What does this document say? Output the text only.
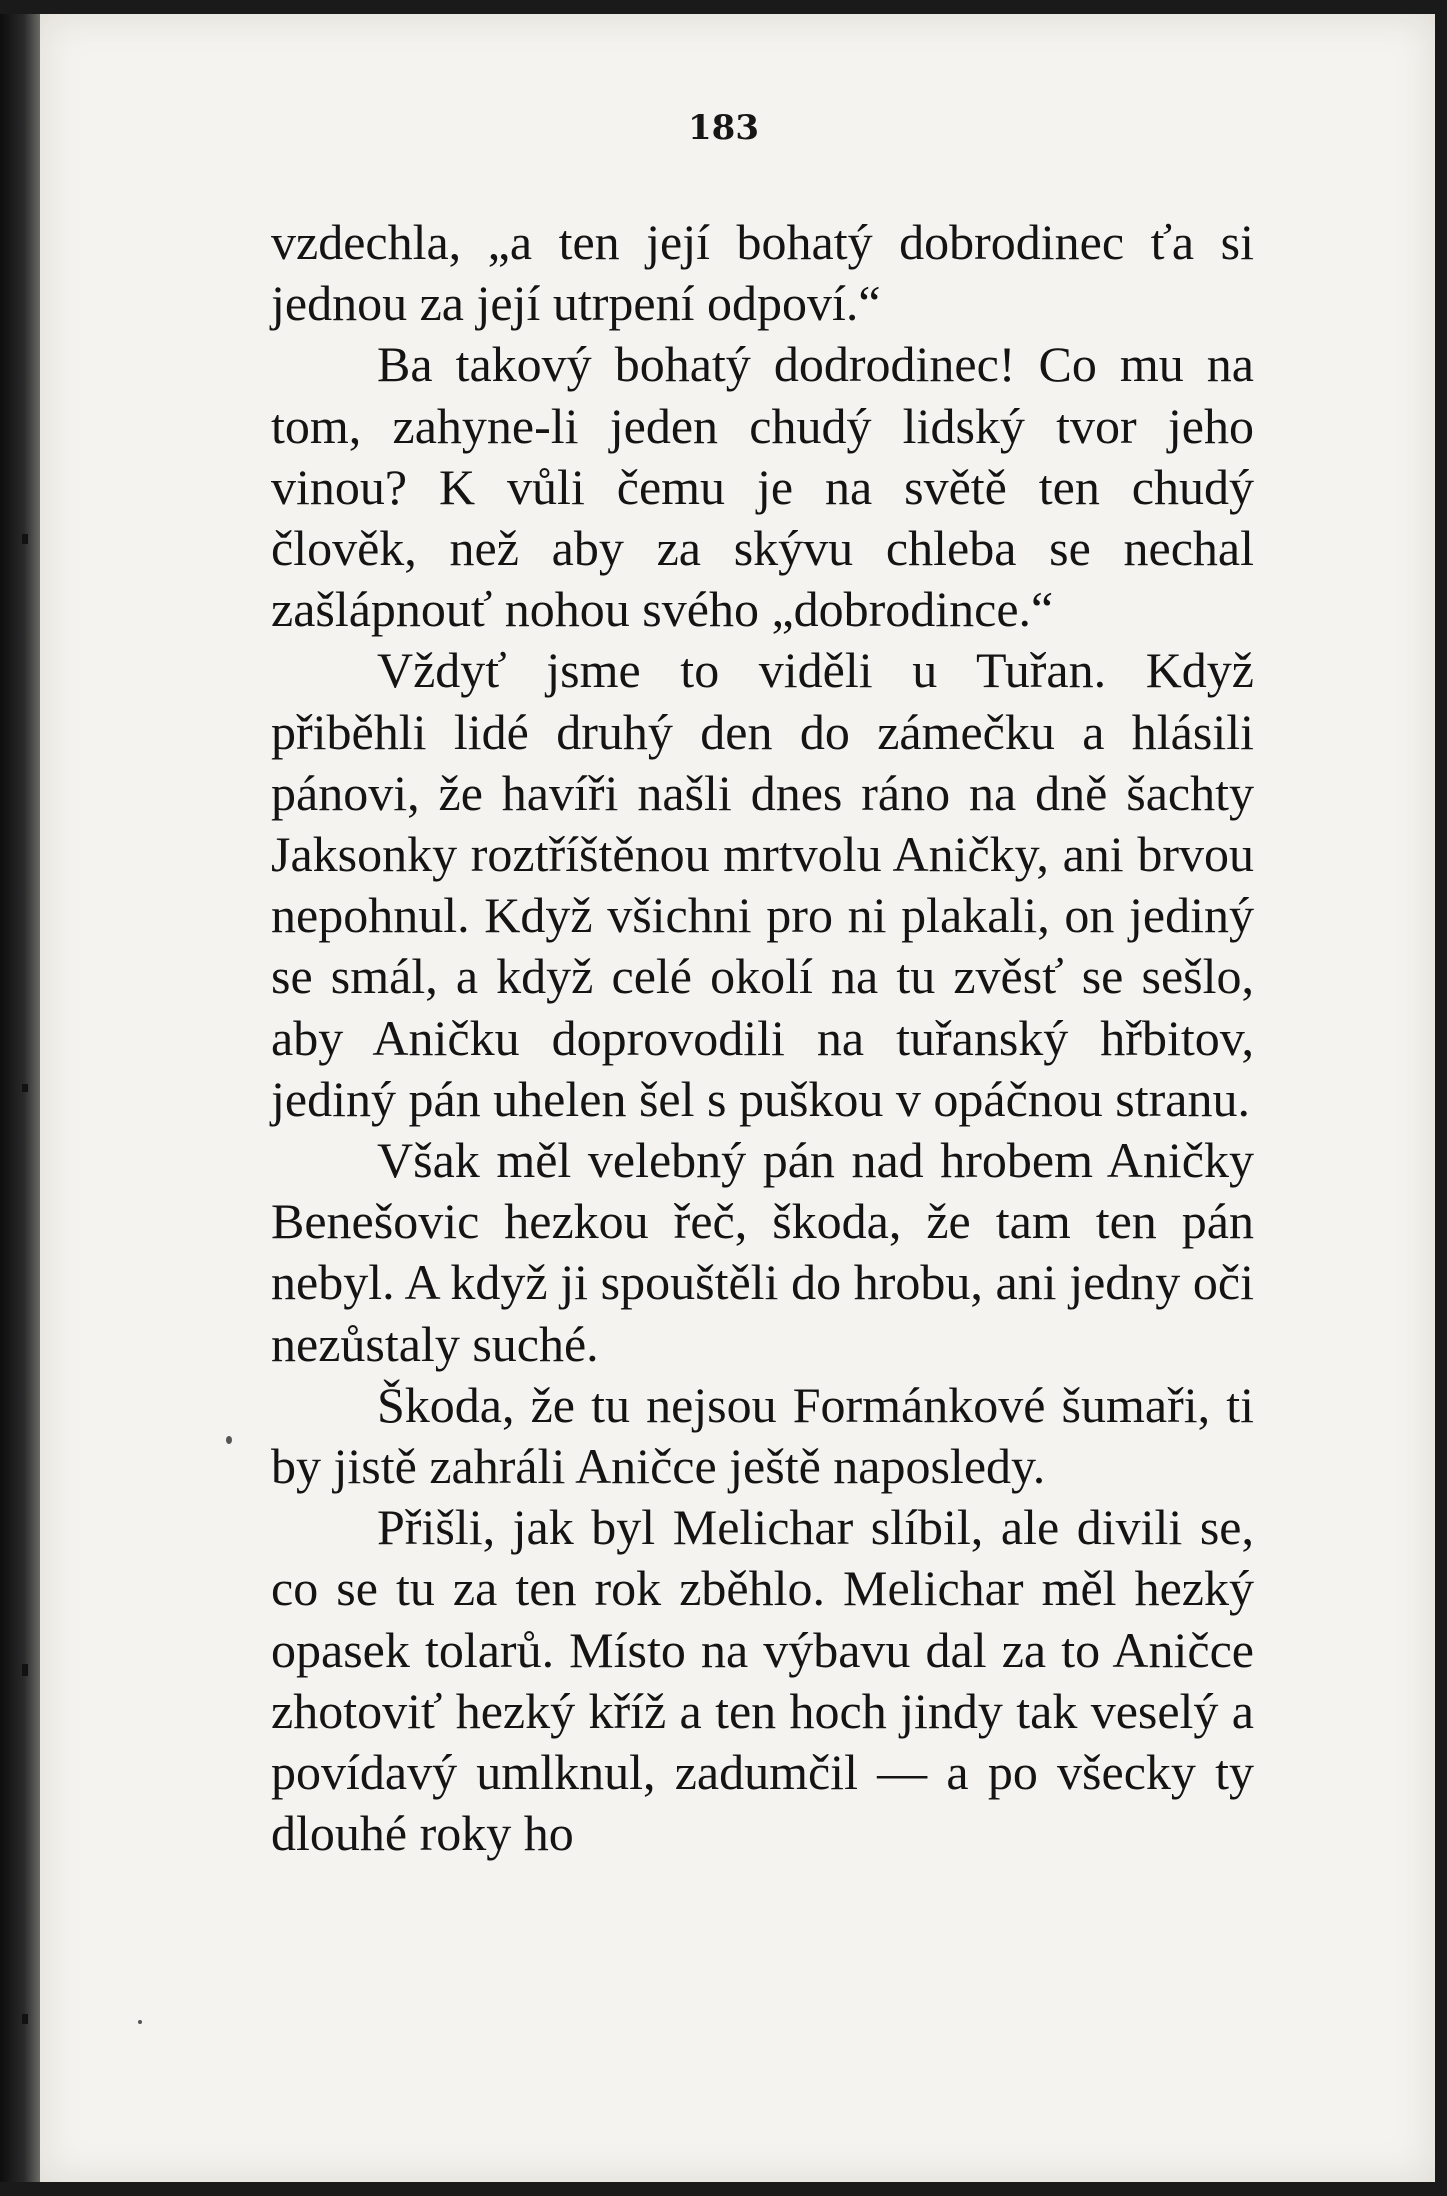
183

vzdechla, „a ten její bohatý dobrodinec ťa si jednou za její utrpení odpoví.“

Ba takový bohatý dodrodinec! Co mu na tom, zahyne-li jeden chudý lidský tvor jeho vinou? K vůli čemu je na světě ten chudý člověk, než aby za skývu chleba se nechal zašlápnouť nohou svého „dobrodince.“

Vždyť jsme to viděli u Tuřan. Když přiběhli lidé druhý den do zámečku a hlásili pánovi, že havíři našli dnes ráno na dně šachty Jaksonky roztříštěnou mrtvolu Aničky, ani brvou nepohnul. Když všichni pro ni plakali, on jediný se smál, a když celé okolí na tu zvěsť se sešlo, aby Aničku doprovodili na tuřanský hřbitov, jediný pán uhelen šel s puškou v opáčnou stranu.

Však měl velebný pán nad hrobem Aničky Benešovic hezkou řeč, škoda, že tam ten pán nebyl. A když ji spouštěli do hrobu, ani jedny oči nezůstaly suché.

Škoda, že tu nejsou Formánkové šumaři, ti by jistě zahráli Aničce ještě naposledy.

Přišli, jak byl Melichar slíbil, ale divili se, co se tu za ten rok zběhlo. Melichar měl hezký opasek tolarů. Místo na výbavu dal za to Aničce zhotoviť hezký kříž a ten hoch jindy tak veselý a povídavý umlknul, zadumčil — a po všecky ty dlouhé roky ho
